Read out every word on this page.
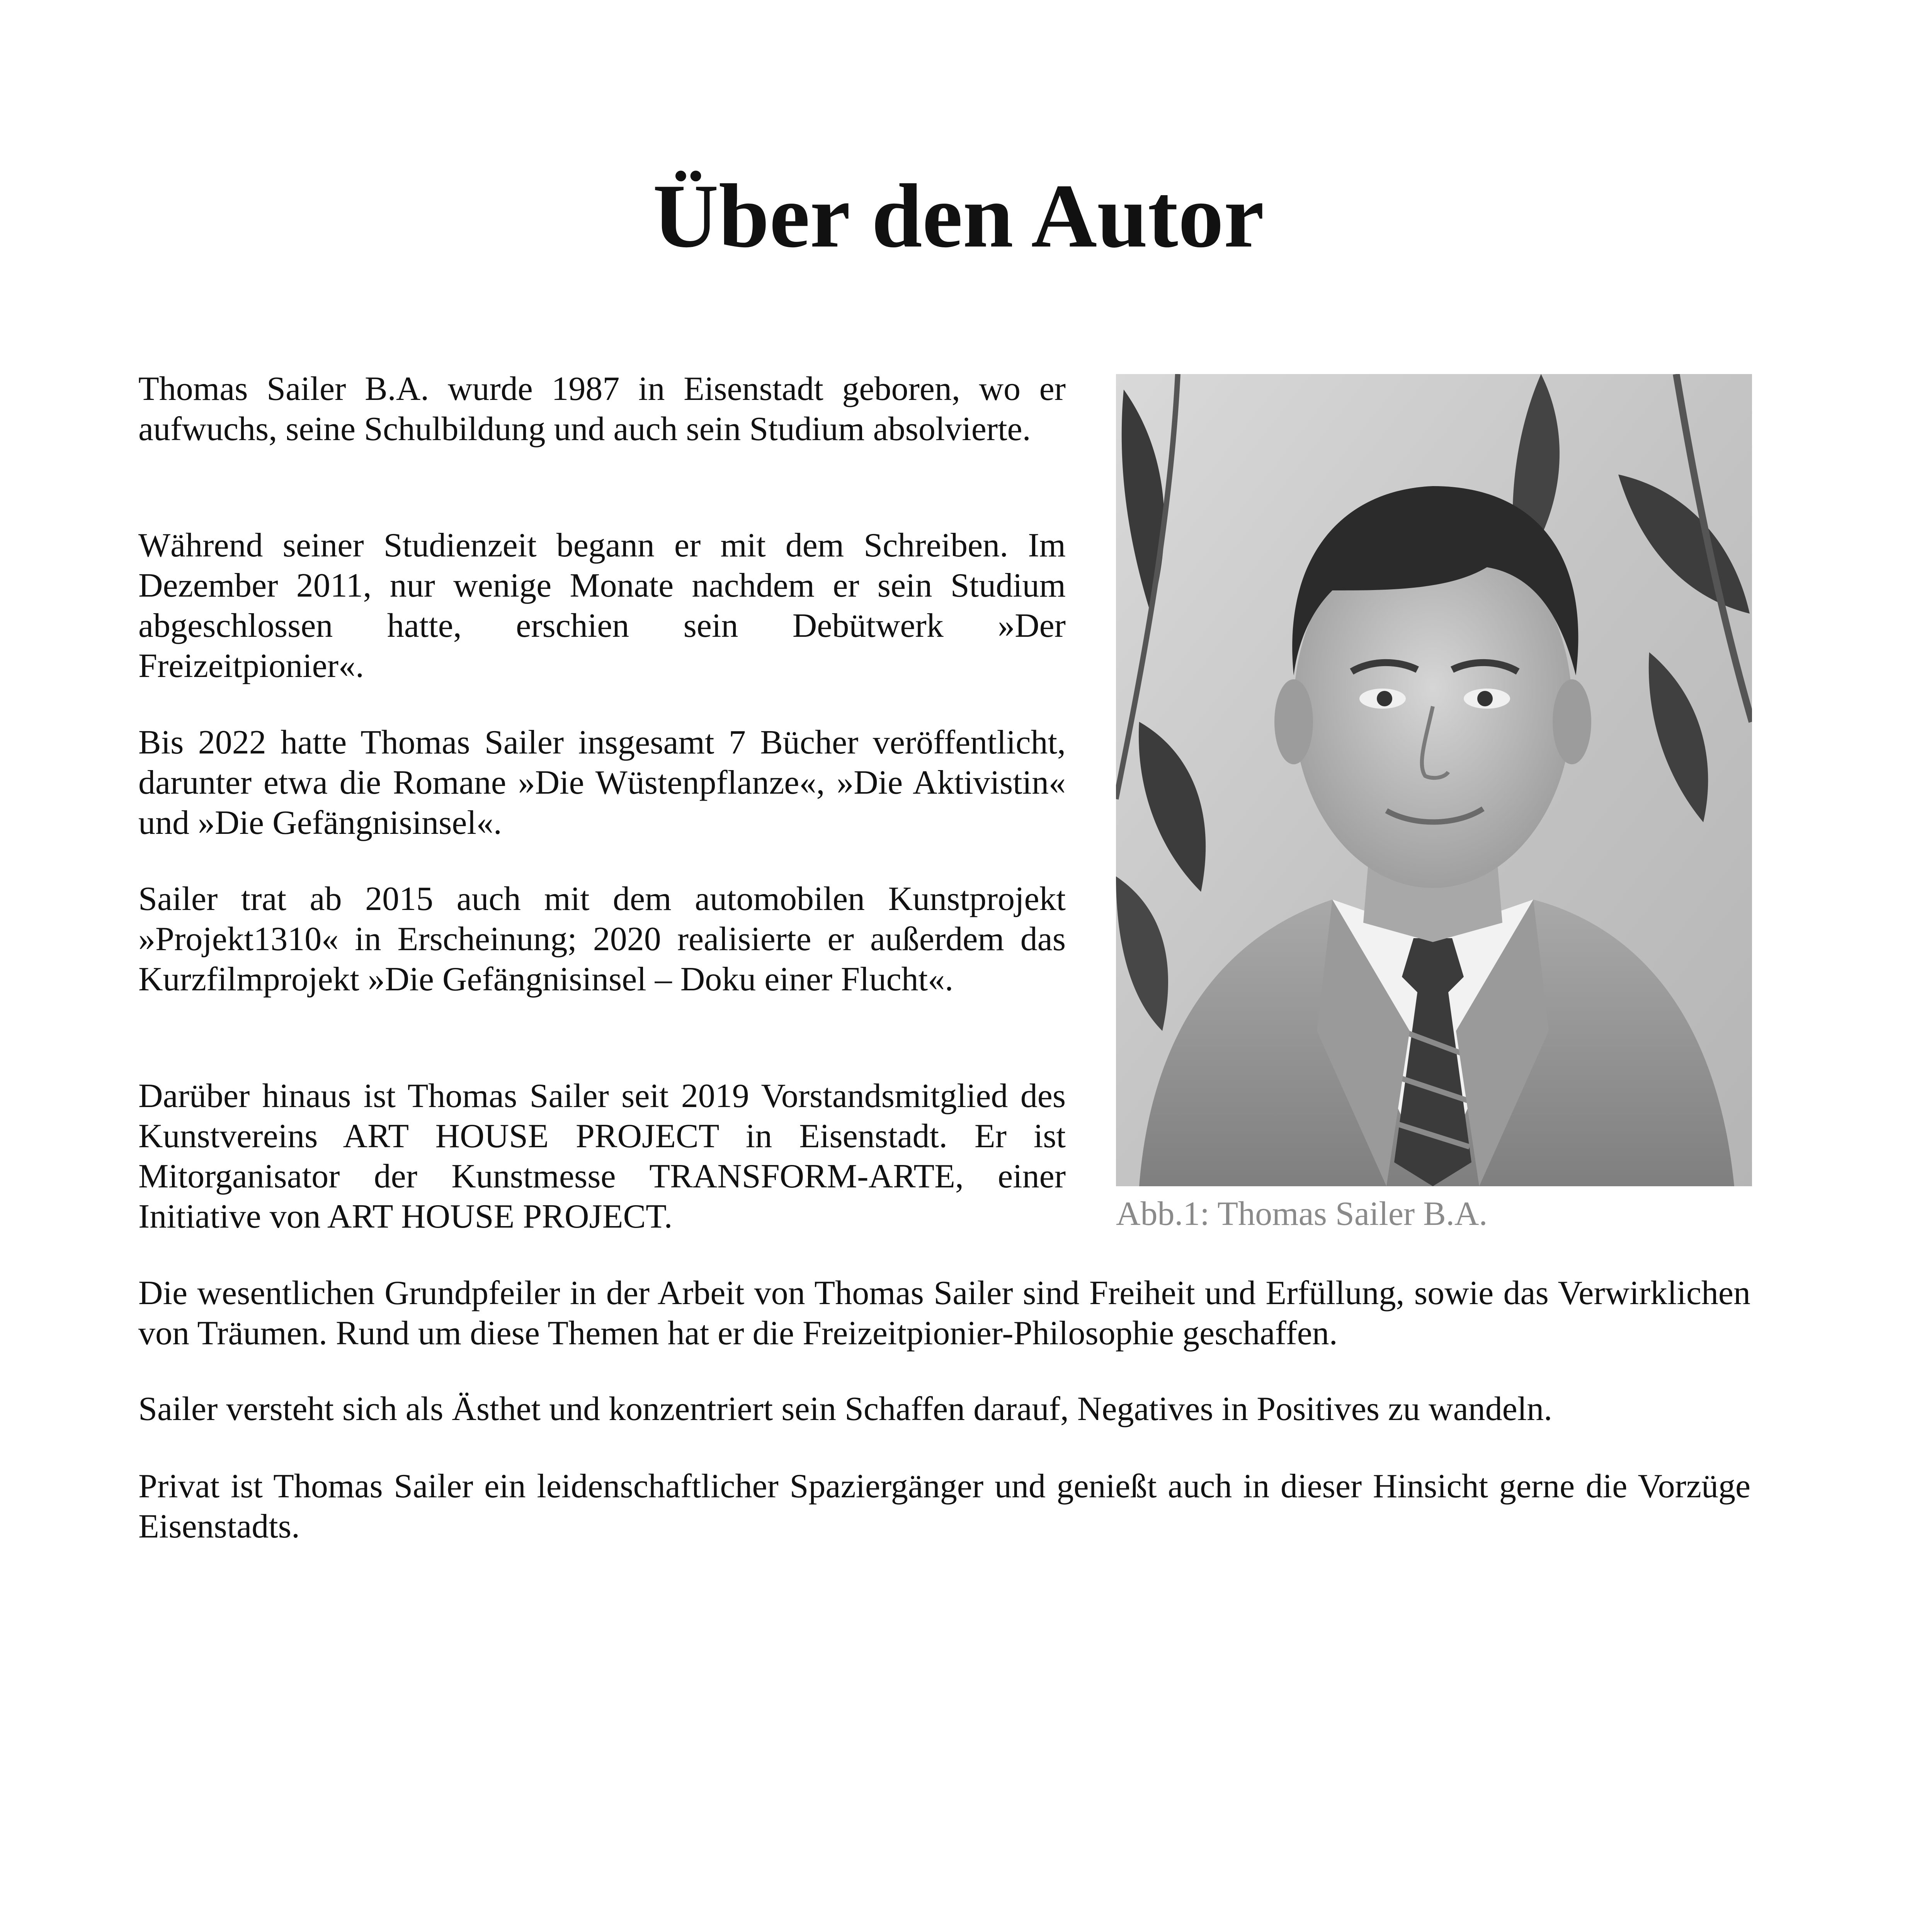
Über den Autor

Thomas Sailer B.A. wurde 1987 in Eisenstadt geboren, wo er aufwuchs, seine Schulbildung und auch sein Studium absolvierte.

Während seiner Studienzeit begann er mit dem Schreiben. Im Dezember 2011, nur wenige Monate nachdem er sein Studium abgeschlossen hatte, erschien sein Debütwerk »Der Freizeitpionier«.

Bis 2022 hatte Thomas Sailer insgesamt 7 Bücher veröffentlicht, darunter etwa die Romane »Die Wüstenpflanze«, »Die Aktivistin« und »Die Gefängnisinsel«.

Sailer trat ab 2015 auch mit dem automobilen Kunstprojekt »Projekt1310« in Erscheinung; 2020 realisierte er außerdem das Kurzfilmprojekt »Die Gefängnisinsel – Doku einer Flucht«.

Darüber hinaus ist Thomas Sailer seit 2019 Vorstandsmitglied des Kunstvereins ART HOUSE PROJECT in Eisenstadt. Er ist Mitorganisator der Kunstmesse TRANSFORM-ARTE, einer Initiative von ART HOUSE PROJECT.	Abb.1: Thomas Sailer B.A.

Die wesentlichen Grundpfeiler in der Arbeit von Thomas Sailer sind Freiheit und Erfüllung, sowie das Verwirklichen von Träumen. Rund um diese Themen hat er die Freizeitpionier-Philosophie geschaffen.

Sailer versteht sich als Ästhet und konzentriert sein Schaffen darauf, Negatives in Positives zu wandeln.

Privat ist Thomas Sailer ein leidenschaftlicher Spaziergänger und genießt auch in dieser Hinsicht gerne die Vorzüge Eisenstadts.
